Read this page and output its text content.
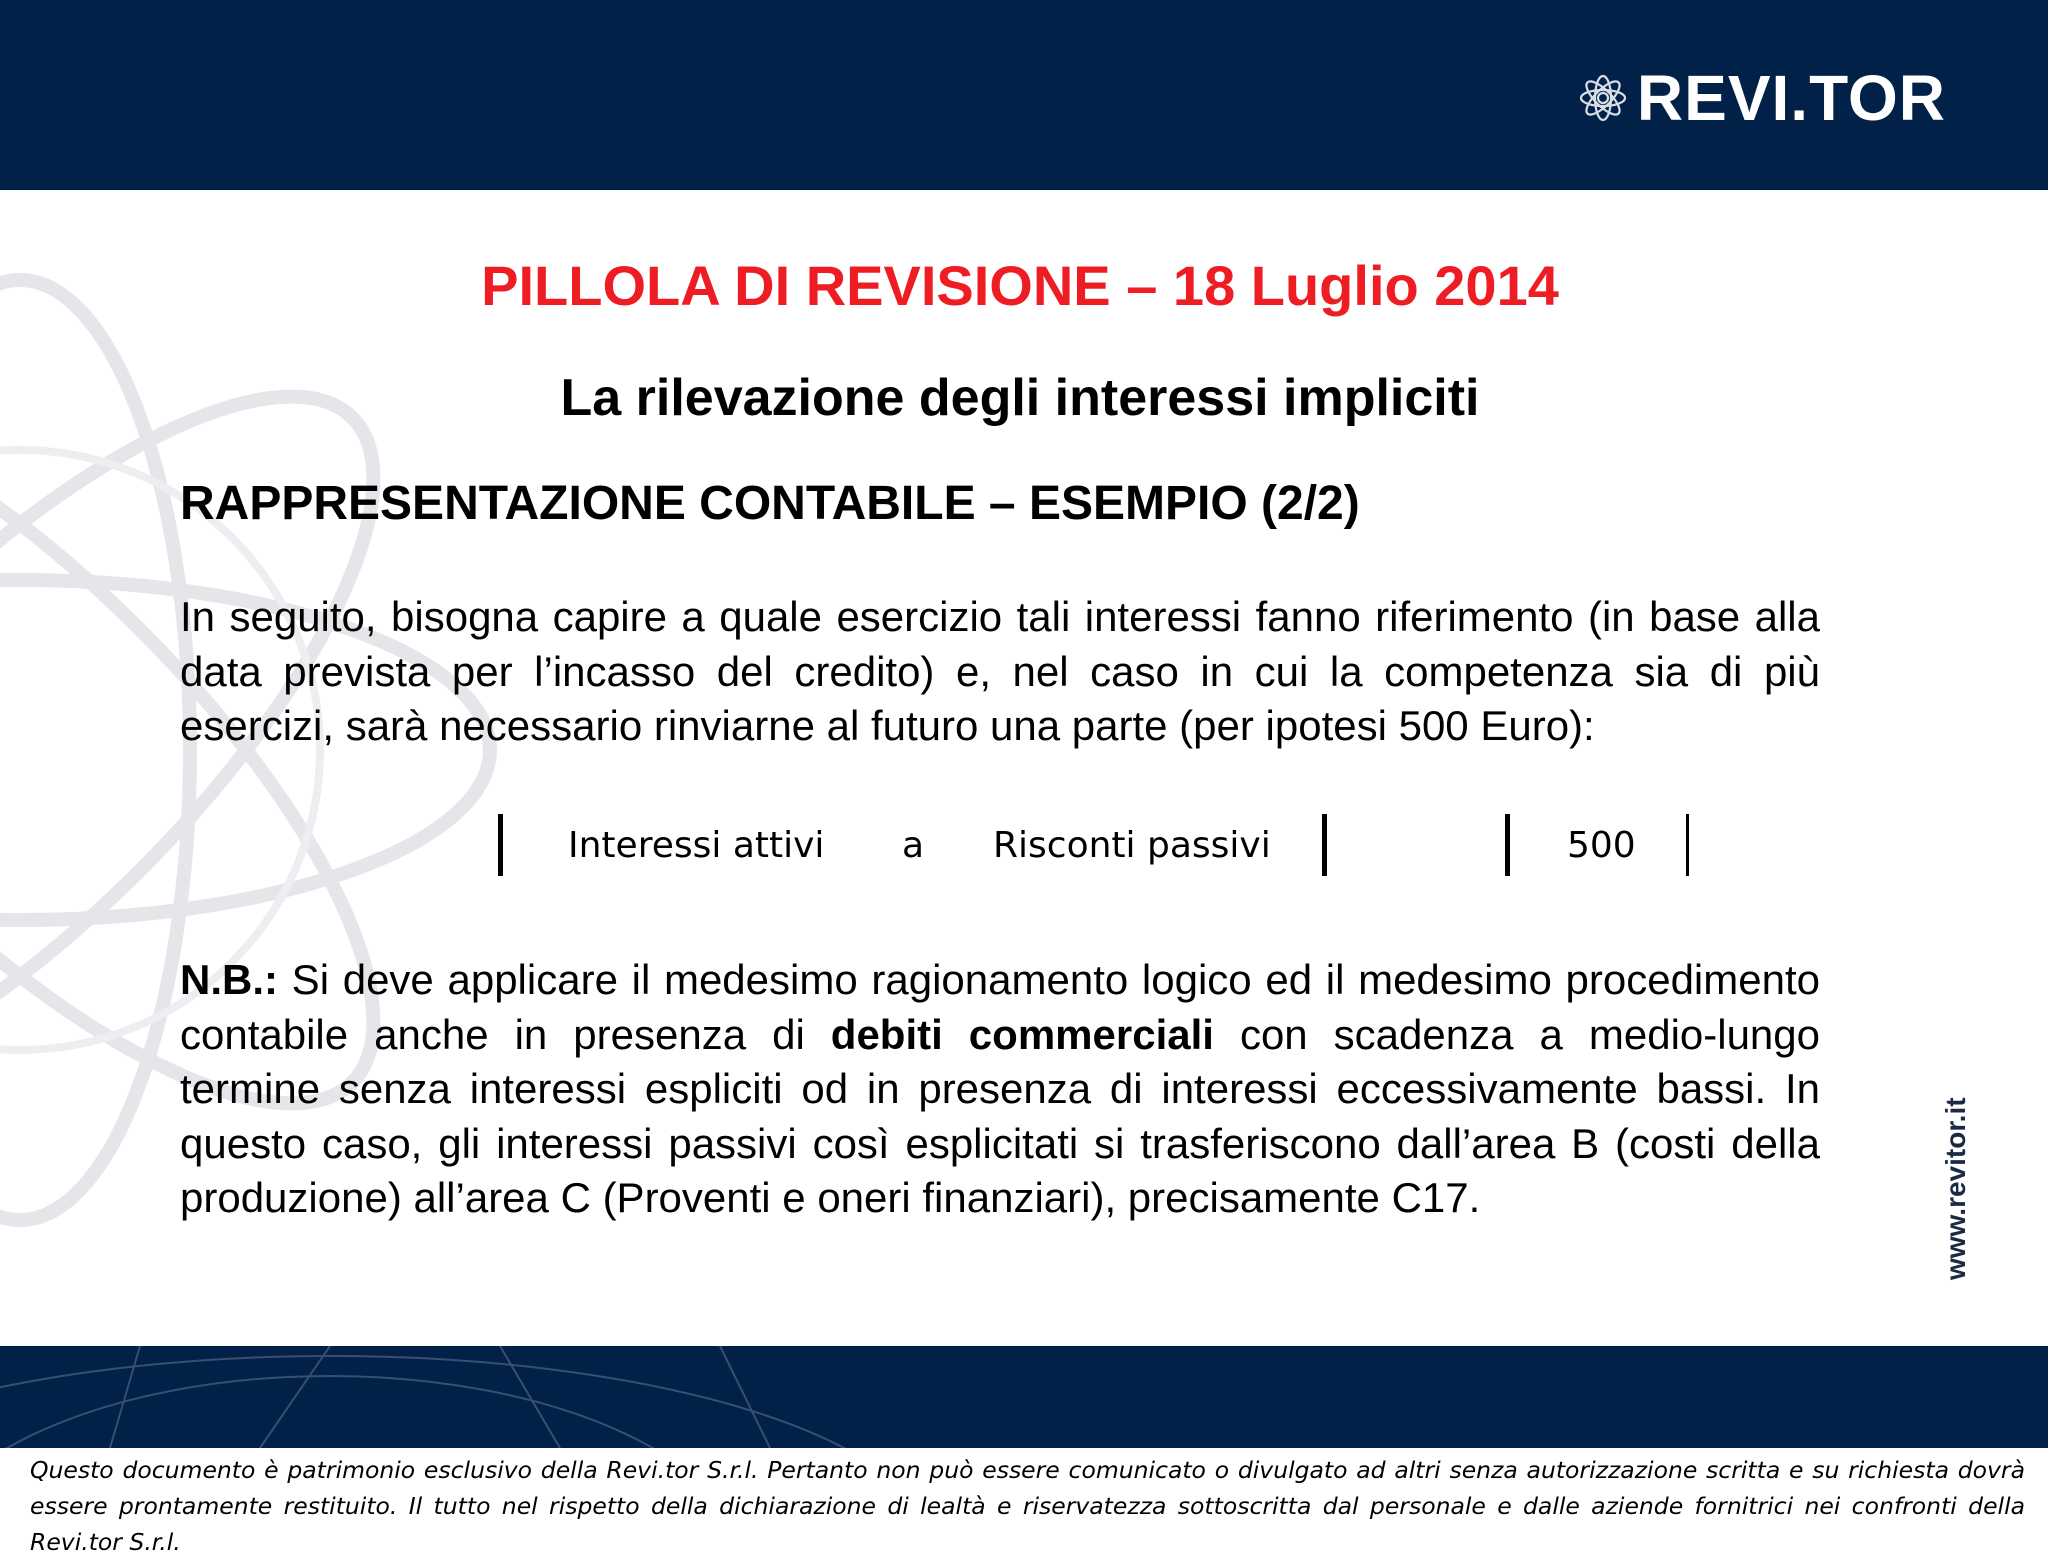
REVI.TOR
PILLOLA DI REVISIONE – 18 Luglio 2014
La rilevazione degli interessi impliciti
RAPPRESENTAZIONE CONTABILE – ESEMPIO (2/2)
In seguito, bisogna capire a quale esercizio tali interessi fanno riferimento (in base alla data prevista per l’incasso del credito) e, nel caso in cui la competenza sia di più esercizi, sarà necessario rinviarne al futuro una parte (per ipotesi 500 Euro):
Interessi attivi a Risconti passivi	500
N.B.: Si deve applicare il medesimo ragionamento logico ed il medesimo procedimento contabile anche in presenza di debiti commerciali con scadenza a medio-lungo termine senza interessi espliciti od in presenza di interessi eccessivamente bassi. In questo caso, gli interessi passivi così esplicitati si trasferiscono dall’area B (costi della produzione) all’area C (Proventi e oneri finanziari), precisamente C17.	www.revitor.it
Questo documento è patrimonio esclusivo della Revi.tor S.r.l. Pertanto non può essere comunicato o divulgato ad altri senza autorizzazione scritta e su richiesta dovrà essere prontamente restituito. Il tutto nel rispetto della dichiarazione di lealtà e riservatezza sottoscritta dal personale e dalle aziende fornitrici nei confronti della Revi.tor S.r.l.
